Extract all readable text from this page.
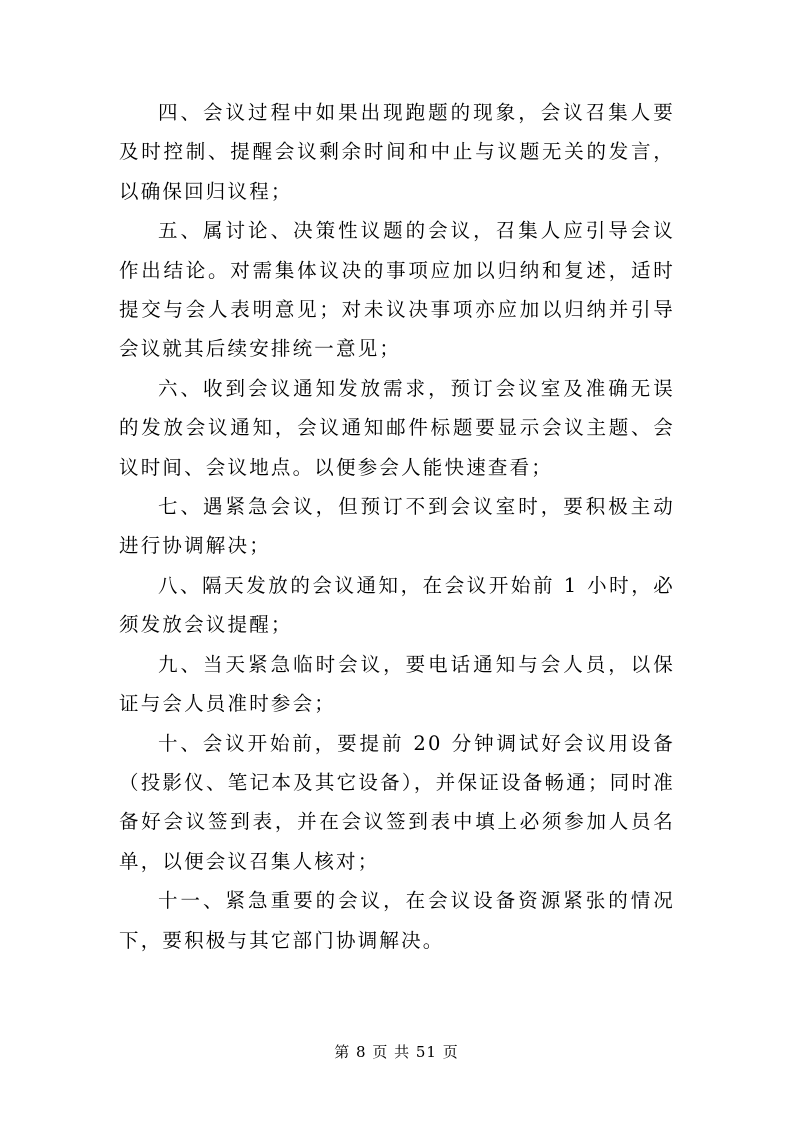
四、会议过程中如果出现跑题的现象，会议召集人要及时控制、提醒会议剩余时间和中止与议题无关的发言，以确保回归议程；

五、属讨论、决策性议题的会议，召集人应引导会议作出结论。对需集体议决的事项应加以归纳和复述，适时提交与会人表明意见；对未议决事项亦应加以归纳并引导会议就其后续安排统一意见；

六、收到会议通知发放需求，预订会议室及准确无误的发放会议通知，会议通知邮件标题要显示会议主题、会议时间、会议地点。以便参会人能快速查看；

七、遇紧急会议，但预订不到会议室时，要积极主动进行协调解决；

八、隔天发放的会议通知，在会议开始前 1 小时，必须发放会议提醒；

九、当天紧急临时会议，要电话通知与会人员，以保证与会人员准时参会；

十、会议开始前，要提前 20 分钟调试好会议用设备（投影仪、笔记本及其它设备），并保证设备畅通；同时准备好会议签到表，并在会议签到表中填上必须参加人员名单，以便会议召集人核对；

十一、紧急重要的会议，在会议设备资源紧张的情况下，要积极与其它部门协调解决。

第 8 页 共 51 页
